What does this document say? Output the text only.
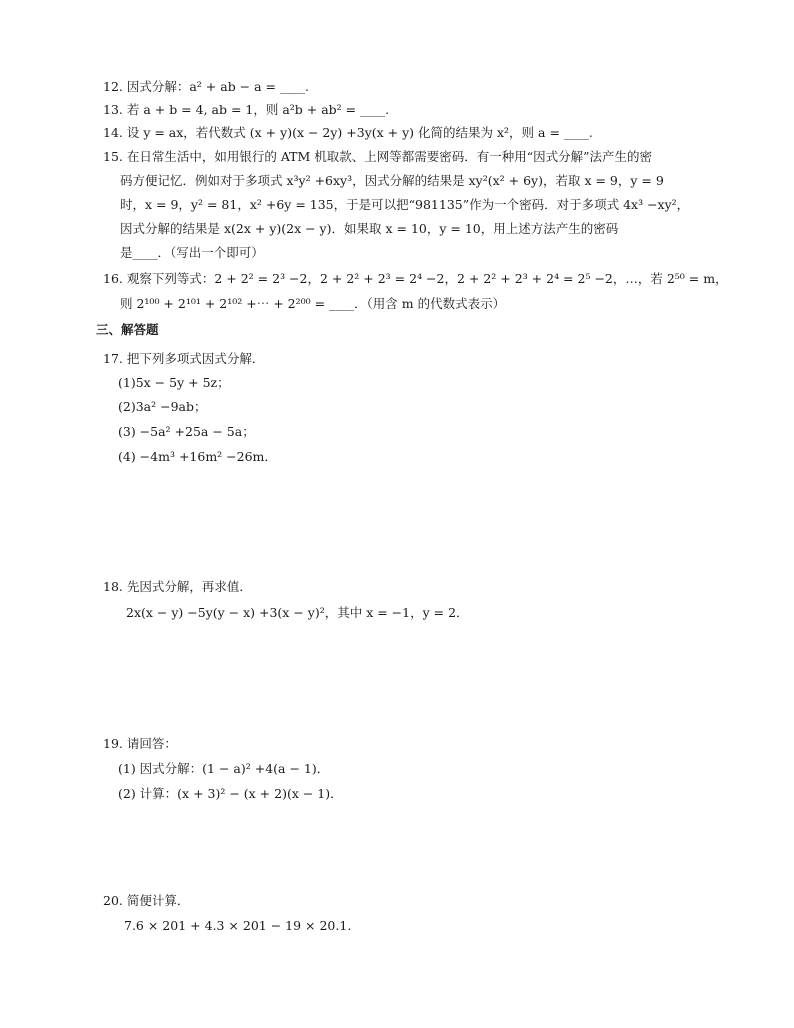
12. 因式分解：a² + ab − a = ____.
13. 若 a + b = 4, ab = 1，则 a²b + ab² = ____.
14. 设 y = ax，若代数式 (x + y)(x − 2y) +3y(x + y) 化简的结果为 x²，则 a = ____.
15. 在日常生活中，如用银行的 ATM 机取款、上网等都需要密码．有一种用“因式分解”法产生的密
码方便记忆．例如对于多项式 x³y² +6xy³，因式分解的结果是 xy²(x² + 6y)，若取 x = 9，y = 9
时，x = 9，y² = 81，x² +6y = 135，于是可以把“981135”作为一个密码．对于多项式 4x³ −xy²，
因式分解的结果是 x(2x + y)(2x − y)．如果取 x = 10，y = 10，用上述方法产生的密码
是____．（写出一个即可）
16. 观察下列等式：2 + 2² = 2³ −2，2 + 2² + 2³ = 2⁴ −2，2 + 2² + 2³ + 2⁴ = 2⁵ −2，…，若 2⁵⁰ = m，
则 2¹⁰⁰ + 2¹⁰¹ + 2¹⁰² +⋯ + 2²⁰⁰ = ____．（用含 m 的代数式表示）
三、解答题
17. 把下列多项式因式分解．
(1)5x − 5y + 5z；
(2)3a² −9ab；
(3) −5a² +25a − 5a；
(4) −4m³ +16m² −26m．
18. 先因式分解，再求值．
2x(x − y) −5y(y − x) +3(x − y)²，其中 x = −1，y = 2．
19. 请回答：
(1) 因式分解：(1 − a)² +4(a − 1)．
(2) 计算：(x + 3)² − (x + 2)(x − 1)．
20. 简便计算．
7.6 × 201 + 4.3 × 201 − 19 × 20.1.
